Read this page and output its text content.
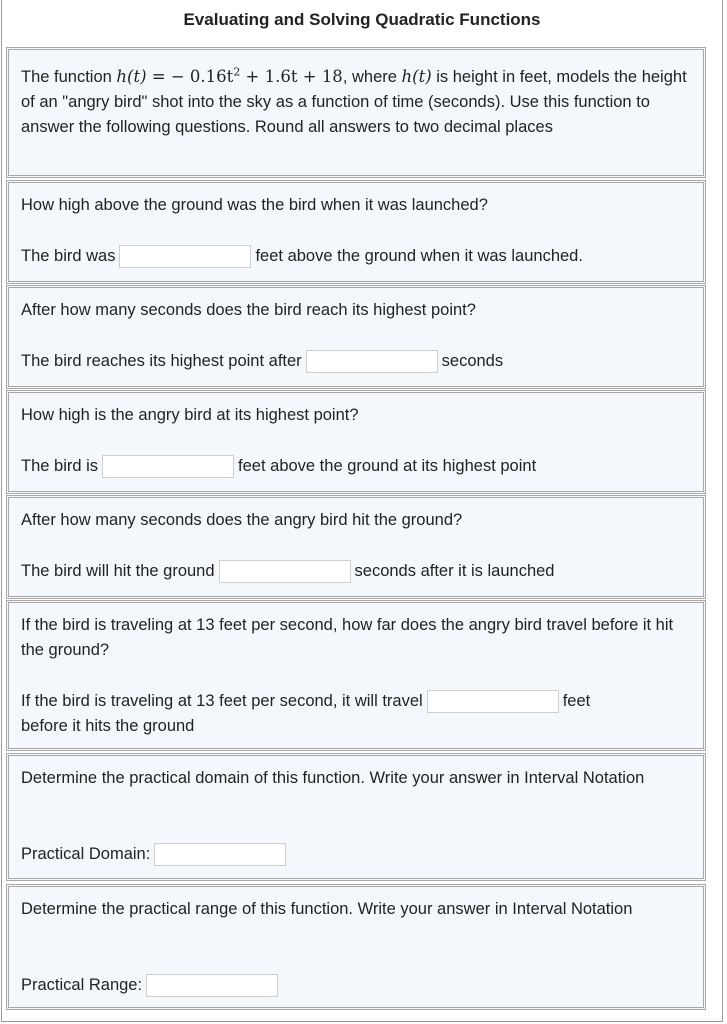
Evaluating and Solving Quadratic Functions

The function h(t) = − $0.16t^2 + 1.6t + 18$, where h(t) is height in feet, models the height of an "angry bird" shot into the sky as a function of time (seconds). Use this function to answer the following questions. Round all answers to two decimal places

How high above the ground was the bird when it was launched?

The bird was	feet above the ground when it was launched.

After how many seconds does the bird reach its highest point?

The bird reaches its highest point after	seconds

How high is the angry bird at its highest point?

The bird is	feet above the ground at its highest point

After how many seconds does the angry bird hit the ground?

The bird will hit the ground	seconds after it is launched

If the bird is traveling at 13 feet per second, how far does the angry bird travel before it hit the ground?

If the bird is traveling at 13 feet per second, it will travel	feet
before it hits the ground

Determine the practical domain of this function. Write your answer in Interval Notation

Practical Domain:

Determine the practical range of this function. Write your answer in Interval Notation

Practical Range:
